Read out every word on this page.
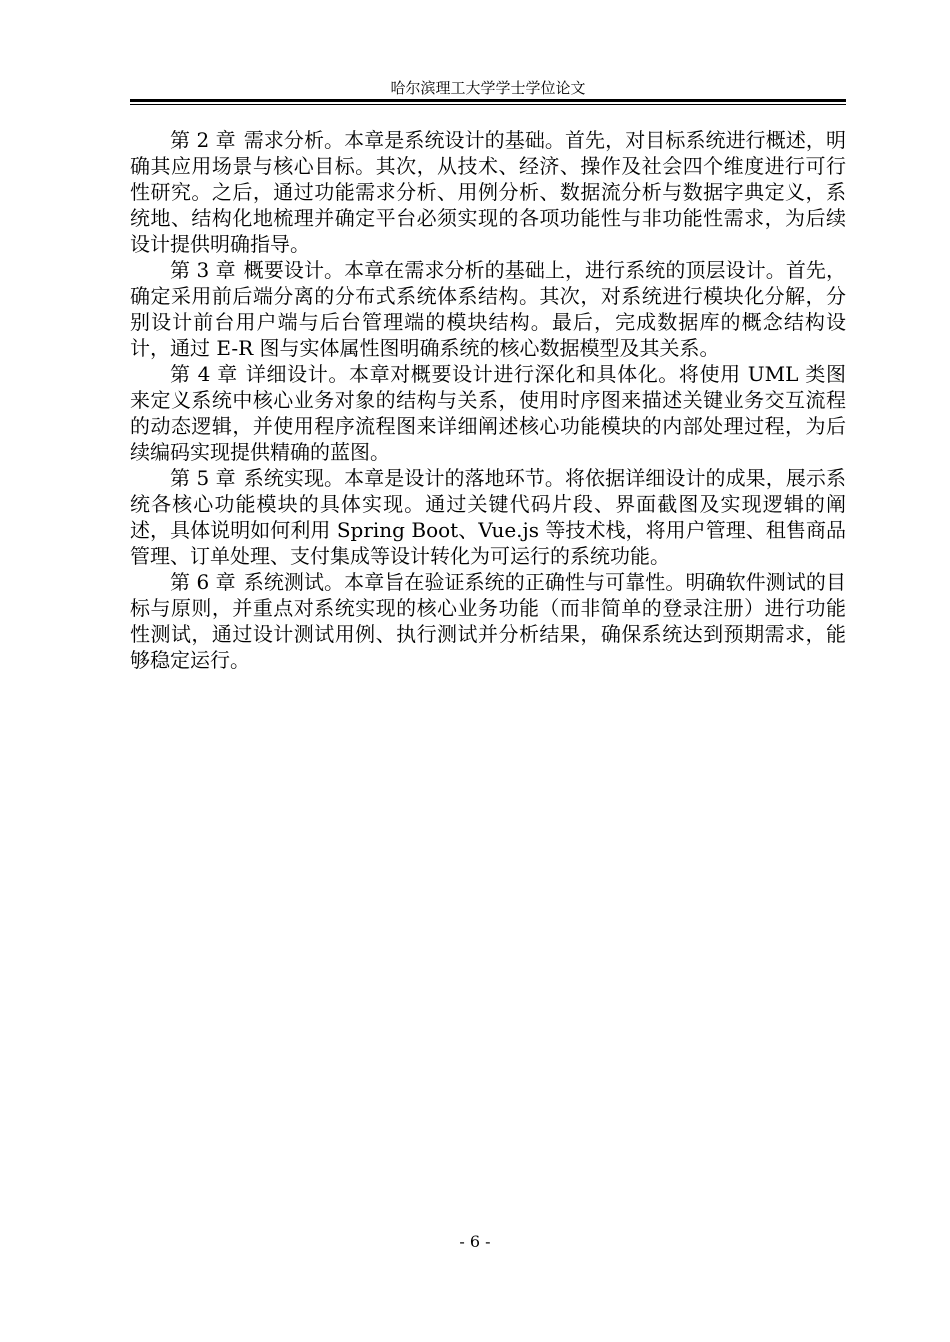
哈尔滨理工大学学士学位论文

第 2 章 需求分析。本章是系统设计的基础。首先，对目标系统进行概述，明确其应用场景与核心目标。其次，从技术、经济、操作及社会四个维度进行可行性研究。之后，通过功能需求分析、用例分析、数据流分析与数据字典定义，系统地、结构化地梳理并确定平台必须实现的各项功能性与非功能性需求，为后续设计提供明确指导。

第 3 章 概要设计。本章在需求分析的基础上，进行系统的顶层设计。首先，确定采用前后端分离的分布式系统体系结构。其次，对系统进行模块化分解，分别设计前台用户端与后台管理端的模块结构。最后，完成数据库的概念结构设计，通过 E-R 图与实体属性图明确系统的核心数据模型及其关系。

第 4 章 详细设计。本章对概要设计进行深化和具体化。将使用 UML 类图来定义系统中核心业务对象的结构与关系，使用时序图来描述关键业务交互流程的动态逻辑，并使用程序流程图来详细阐述核心功能模块的内部处理过程，为后续编码实现提供精确的蓝图。

第 5 章 系统实现。本章是设计的落地环节。将依据详细设计的成果，展示系统各核心功能模块的具体实现。通过关键代码片段、界面截图及实现逻辑的阐述，具体说明如何利用 Spring Boot、Vue.js 等技术栈，将用户管理、租售商品管理、订单处理、支付集成等设计转化为可运行的系统功能。

第 6 章 系统测试。本章旨在验证系统的正确性与可靠性。明确软件测试的目标与原则，并重点对系统实现的核心业务功能（而非简单的登录注册）进行功能性测试，通过设计测试用例、执行测试并分析结果，确保系统达到预期需求，能够稳定运行。

- 6 -
